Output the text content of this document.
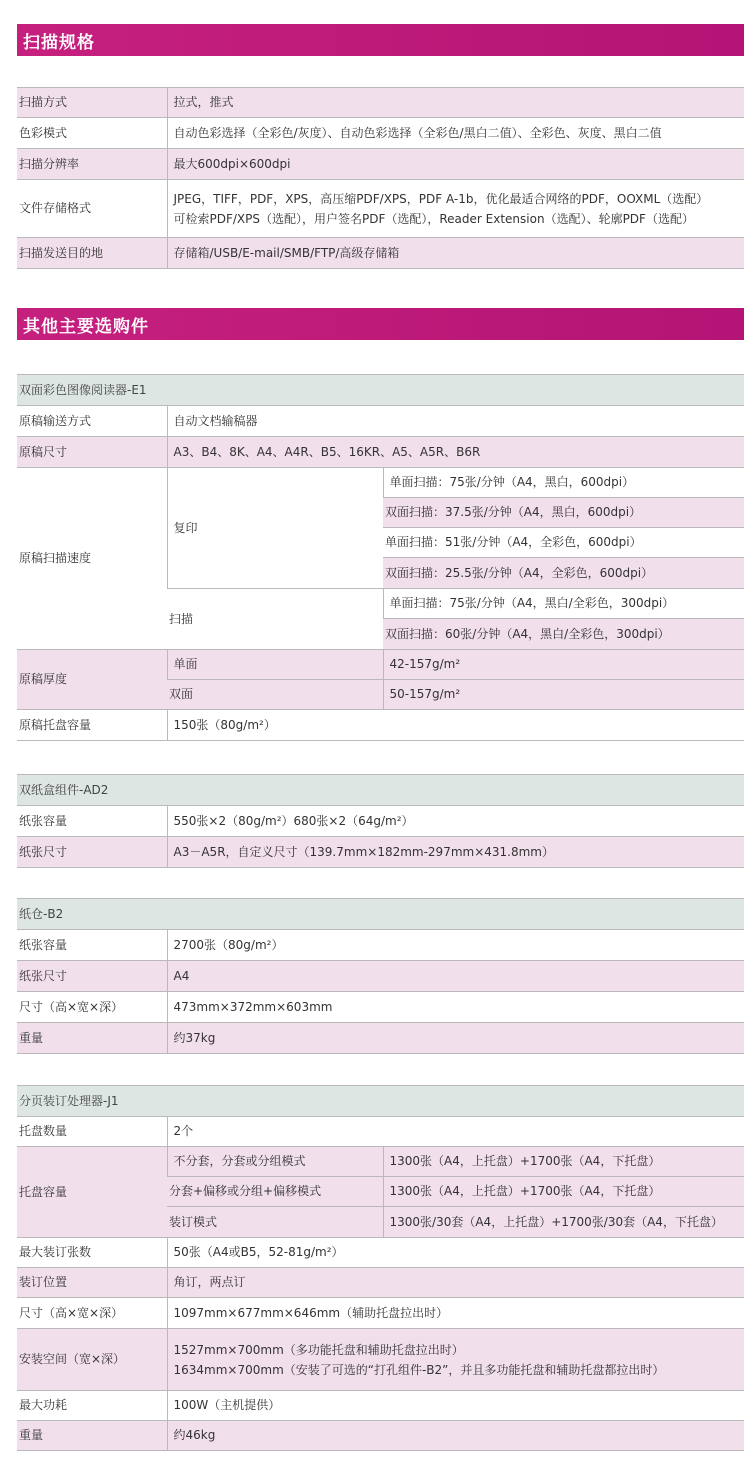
扫描规格
扫描方式	拉式，推式
色彩模式	自动色彩选择（全彩色/灰度）、自动色彩选择（全彩色/黑白二值）、全彩色、灰度、黑白二值
扫描分辨率	最大600dpi×600dpi
文件存储格式	JPEG，TIFF，PDF，XPS，高压缩PDF/XPS，PDF A-1b，优化最适合网络的PDF，OOXML（选配）
可检索PDF/XPS（选配），用户签名PDF（选配），Reader Extension（选配）、轮廓PDF（选配）

扫描发送目的地	存储箱/USB/E-mail/SMB/FTP/高级存储箱
其他主要选购件
双面彩色图像阅读器-E1		
原稿输送方式	自动文档输稿器	
原稿尺寸	A3、B4、8K、A4、A4R、B5、16KR、A5、A5R、B6R	
原稿扫描速度	复印	单面扫描：75张/分钟（A4，黑白，600dpi）
		双面扫描：37.5张/分钟（A4，黑白，600dpi）
		单面扫描：51张/分钟（A4，全彩色，600dpi）
		双面扫描：25.5张/分钟（A4，全彩色，600dpi）
	扫描	单面扫描：75张/分钟（A4，黑白/全彩色，300dpi）
		双面扫描：60张/分钟（A4，黑白/全彩色，300dpi）
原稿厚度	单面	42-157g/m²
	双面	50-157g/m²
原稿托盘容量	150张（80g/m²）	
双纸盒组件-AD2	
纸张容量	550张×2（80g/m²）680张×2（64g/m²）
纸张尺寸	A3－A5R，自定义尺寸（139.7mm×182mm-297mm×431.8mm）
纸仓-B2	
纸张容量	2700张（80g/m²）
纸张尺寸	A4
尺寸（高×宽×深）	473mm×372mm×603mm
重量	约37kg
分页装订处理器-J1		
托盘数量	2个	
托盘容量	不分套，分套或分组模式	1300张（A4，上托盘）+1700张（A4，下托盘）
	分套+偏移或分组+偏移模式	1300张（A4，上托盘）+1700张（A4，下托盘）
	装订模式	1300张/30套（A4，上托盘）+1700张/30套（A4，下托盘）
最大装订张数	50张（A4或B5，52-81g/m²）	
装订位置	角订，两点订	
尺寸（高×宽×深）	1097mm×677mm×646mm（辅助托盘拉出时）	
安装空间（宽×深）	1527mm×700mm（多功能托盘和辅助托盘拉出时）
1634mm×700mm（安装了可选的“打孔组件-B2”，并且多功能托盘和辅助托盘都拉出时）	

最大功耗	100W（主机提供）	
重量	约46kg	
